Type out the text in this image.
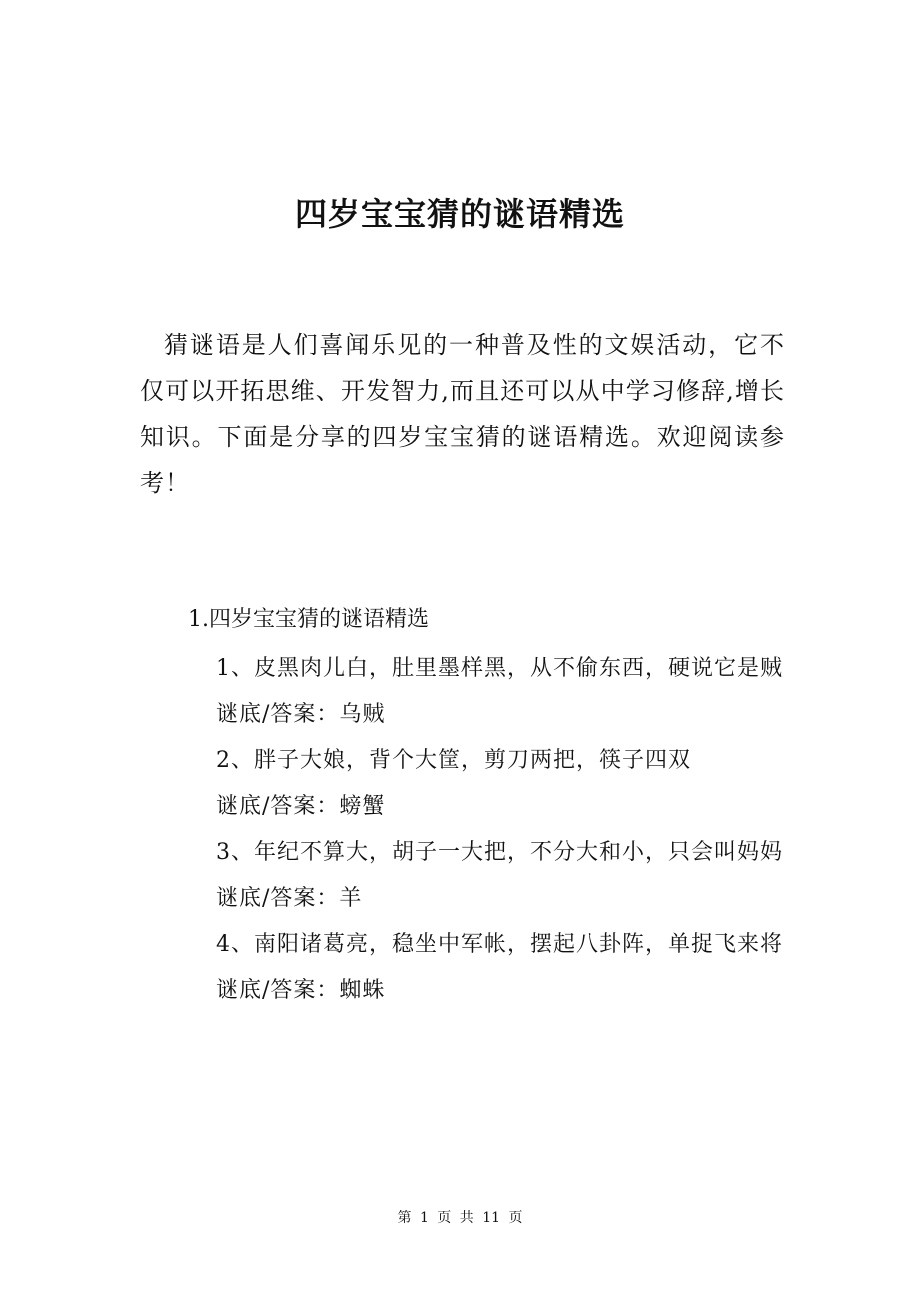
四岁宝宝猜的谜语精选

猜谜语是人们喜闻乐见的一种普及性的文娱活动，它不仅可以开拓思维、开发智力,而且还可以从中学习修辞,增长知识。下面是分享的四岁宝宝猜的谜语精选。欢迎阅读参考！

1.四岁宝宝猜的谜语精选

1、皮黑肉儿白，肚里墨样黑，从不偷东西，硬说它是贼

谜底/答案：乌贼

2、胖子大娘，背个大筐，剪刀两把，筷子四双

谜底/答案：螃蟹

3、年纪不算大，胡子一大把，不分大和小，只会叫妈妈

谜底/答案：羊

4、南阳诸葛亮，稳坐中军帐，摆起八卦阵，单捉飞来将

谜底/答案：蜘蛛

第 1 页 共 11 页
